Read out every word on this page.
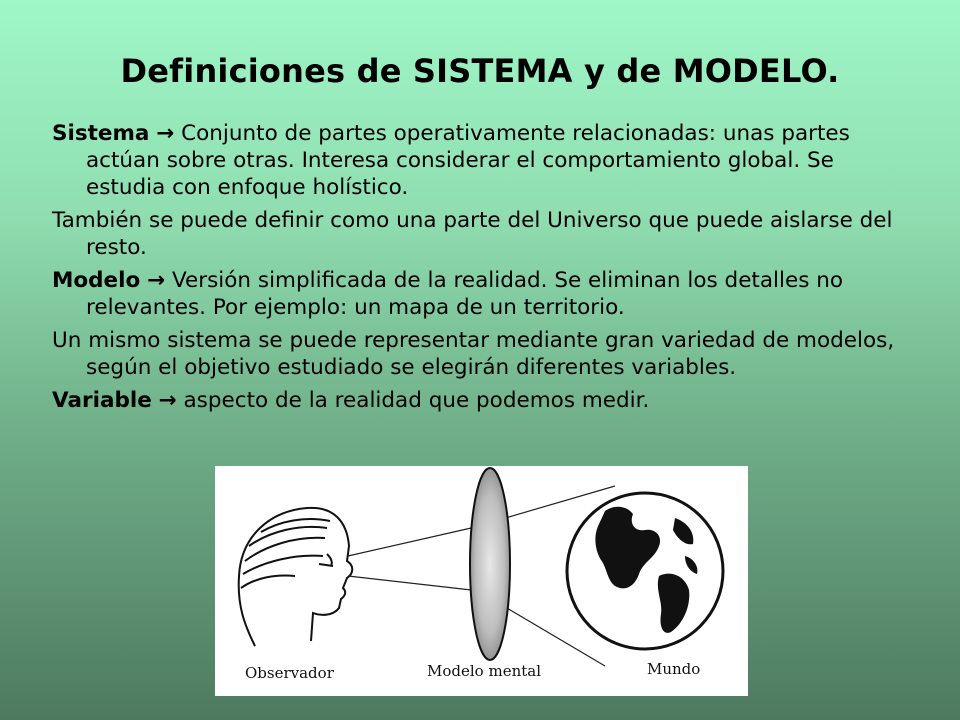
Definiciones de SISTEMA y de MODELO.

Sistema → Conjunto de partes operativamente relacionadas: unas partes actúan sobre otras. Interesa considerar el comportamiento global. Se estudia con enfoque holístico.

También se puede definir como una parte del Universo que puede aislarse del resto.

Modelo → Versión simplificada de la realidad. Se eliminan los detalles no relevantes. Por ejemplo: un mapa de un territorio.

Un mismo sistema se puede representar mediante gran variedad de modelos, según el objetivo estudiado se elegirán diferentes variables.

Variable → aspecto de la realidad que podemos medir.

Observador	Modelo mental	Mundo
